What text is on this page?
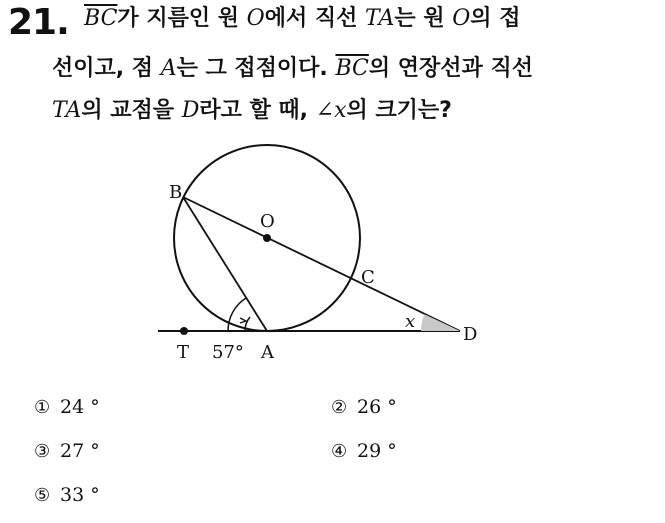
21. $\overline{BC}$가 지름인 원 O에서 직선 TA는 원 O의 접
선이고, 점 A는 그 접점이다. $\overline{BC}$의 연장선과 직선
TA의 교점을 D라고 할 때, ∠x의 크기는?
B
O
C
x
D
T 57° A
① 24 °	② 26 °
③ 27 °	④ 29 °
⑤ 33 °
